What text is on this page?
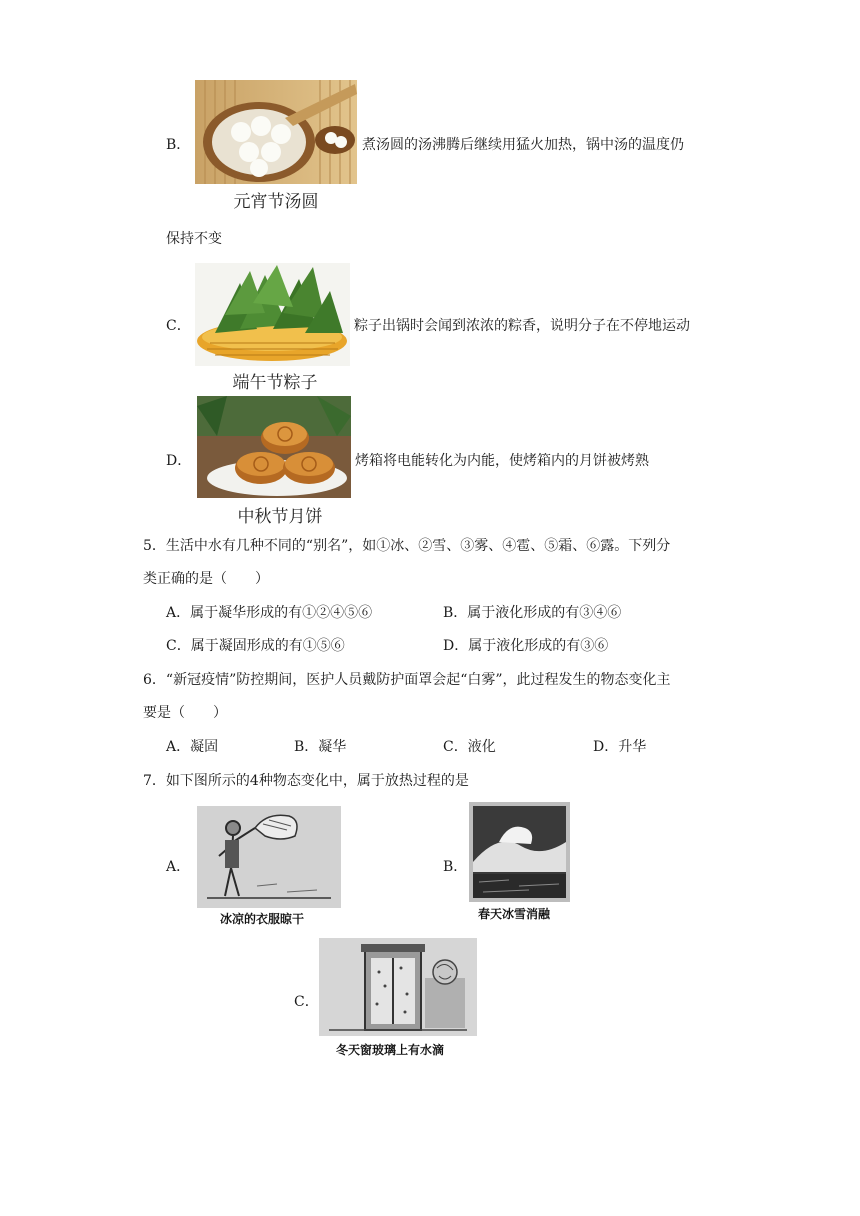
B．	煮汤圆的汤沸腾后继续用猛火加热，锅中汤的温度仍
元宵节汤圆
保持不变
C．	粽子出锅时会闻到浓浓的粽香，说明分子在不停地运动
端午节粽子
D．	烤箱将电能转化为内能，使烤箱内的月饼被烤熟
中秋节月饼
5．生活中水有几种不同的“别名”，如①冰、②雪、③雾、④雹、⑤霜、⑥露。下列分
类正确的是（　　）
A．属于凝华形成的有①②④⑤⑥	B．属于液化形成的有③④⑥
C．属于凝固形成的有①⑤⑥	D．属于液化形成的有③⑥
6．“新冠疫情”防控期间，医护人员戴防护面罩会起“白雾”，此过程发生的物态变化主
要是（　　）
A．凝固	B．凝华	C．液化	D．升华
7．如下图所示的4种物态变化中，属于放热过程的是
A．
冰凉的衣服晾干
B．
春天冰雪消融
C．
冬天窗玻璃上有水滴
